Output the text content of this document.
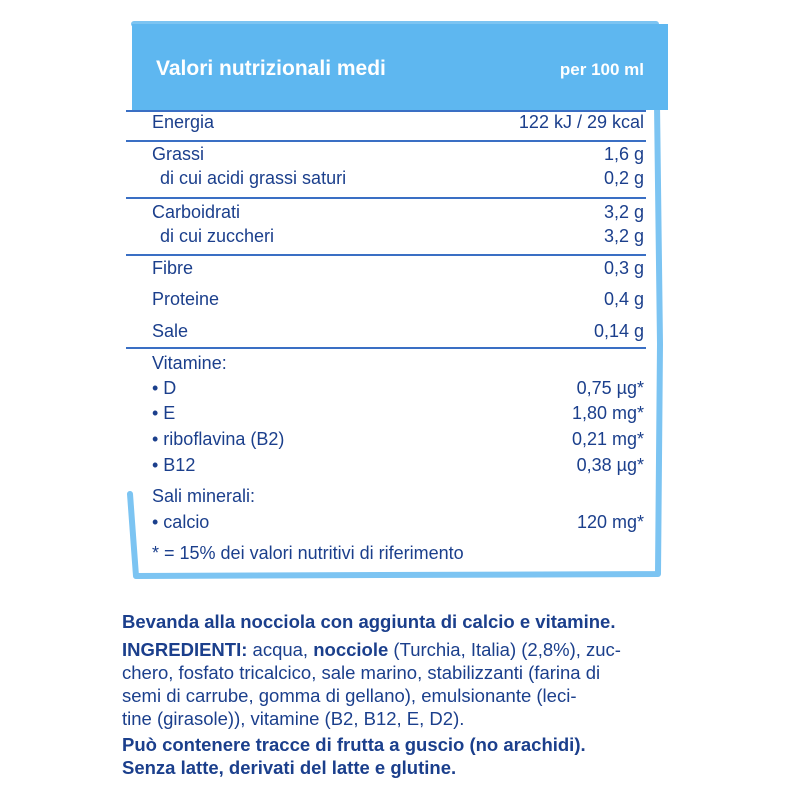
Valori nutrizionali medi	per 100 ml
Energia	122 kJ / 29 kcal
Grassi	1,6 g
di cui acidi grassi saturi	0,2 g
Carboidrati	3,2 g
di cui zuccheri	3,2 g
Fibre	0,3 g
Proteine	0,4 g
Sale	0,14 g
Vitamine:
• D	0,75 µg*
• E	1,80 mg*
• riboflavina (B2)	0,21 mg*
• B12	0,38 µg*
Sali minerali:
• calcio	120 mg*
* = 15% dei valori nutritivi di riferimento
Bevanda alla nocciola con aggiunta di calcio e vitamine.
INGREDIENTI: acqua, nocciole (Turchia, Italia) (2,8%), zuc-
chero, fosfato tricalcico, sale marino, stabilizzanti (farina di
semi di carrube, gomma di gellano), emulsionante (leci-
tine (girasole)), vitamine (B2, B12, E, D2).
Può contenere tracce di frutta a guscio (no arachidi).
Senza latte, derivati del latte e glutine.
